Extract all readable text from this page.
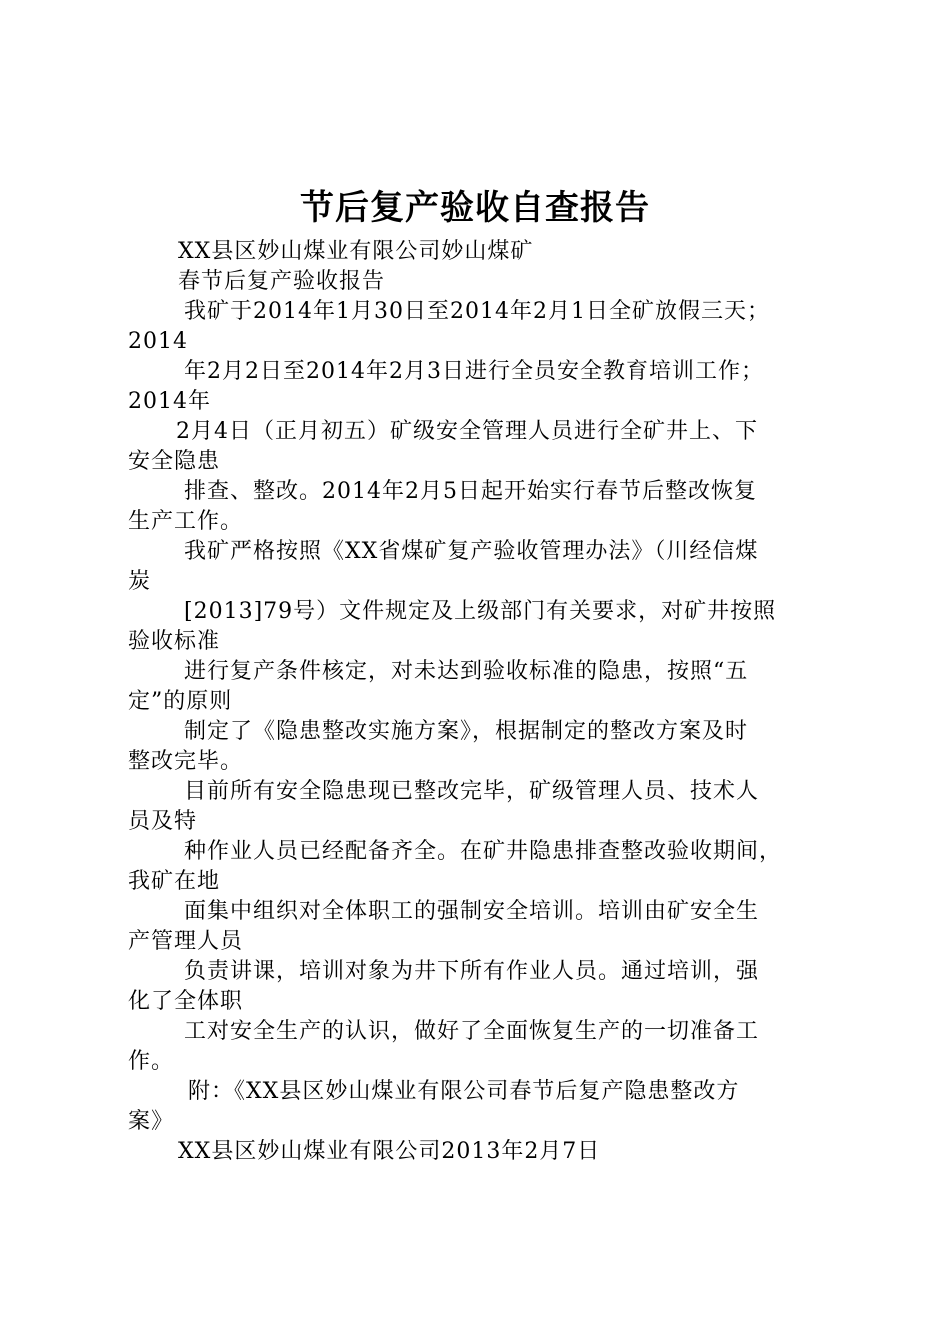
节后复产验收自查报告
XX县区妙山煤业有限公司妙山煤矿
春节后复产验收报告
我矿于2014年1月30日至2014年2月1日全矿放假三天；
2014
年2月2日至2014年2月3日进行全员安全教育培训工作；
2014年
2月4日（正月初五）矿级安全管理人员进行全矿井上、下
安全隐患
排查、整改。2014年2月5日起开始实行春节后整改恢复
生产工作。
我矿严格按照《XX省煤矿复产验收管理办法》（川经信煤
炭
[2013]79号）文件规定及上级部门有关要求，对矿井按照
验收标准
进行复产条件核定，对未达到验收标准的隐患，按照“五
定”的原则
制定了《隐患整改实施方案》，根据制定的整改方案及时
整改完毕。
目前所有安全隐患现已整改完毕，矿级管理人员、技术人
员及特
种作业人员已经配备齐全。在矿井隐患排查整改验收期间，
我矿在地
面集中组织对全体职工的强制安全培训。培训由矿安全生
产管理人员
负责讲课，培训对象为井下所有作业人员。通过培训，强
化了全体职
工对安全生产的认识，做好了全面恢复生产的一切准备工
作。
附：《XX县区妙山煤业有限公司春节后复产隐患整改方
案》
XX县区妙山煤业有限公司2013年2月7日
